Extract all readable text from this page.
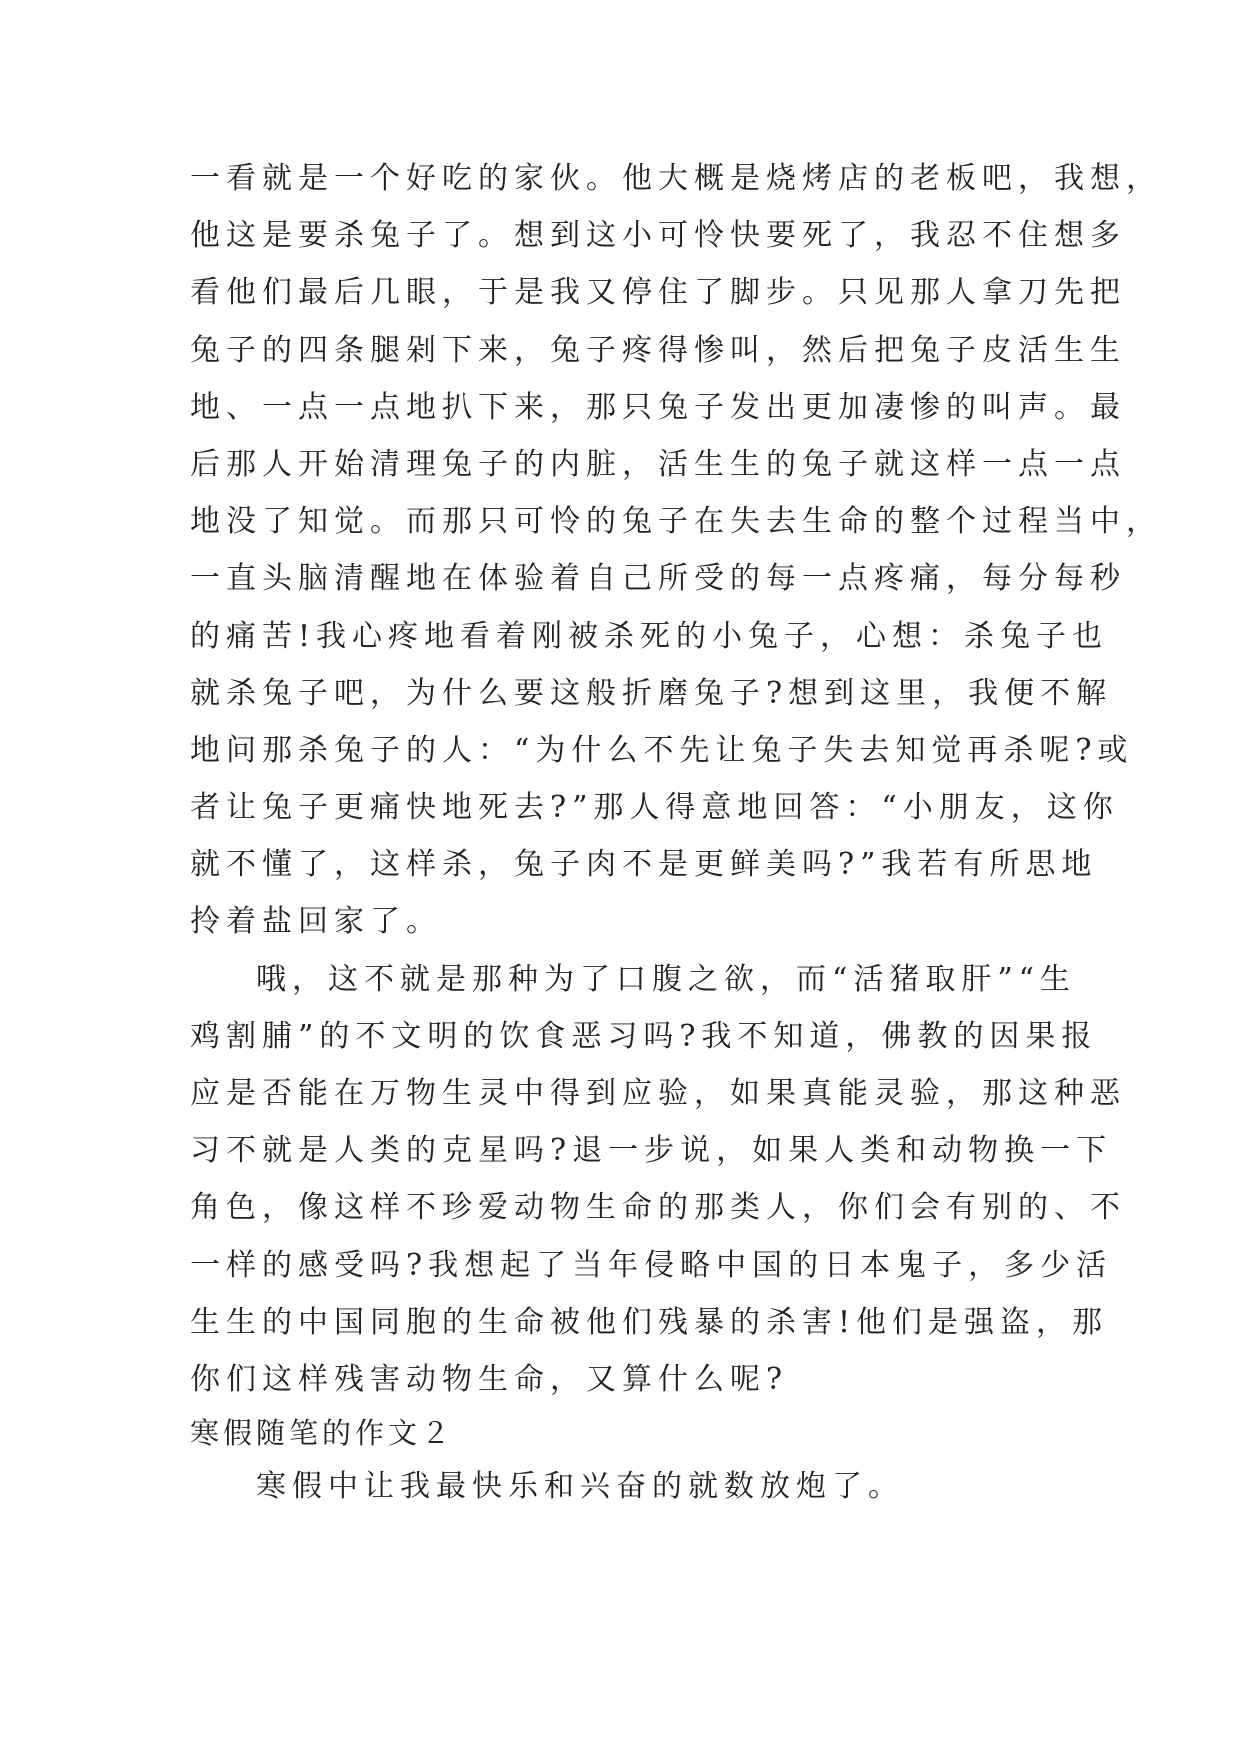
一看就是一个好吃的家伙。他大概是烧烤店的老板吧，我想，
他这是要杀兔子了。想到这小可怜快要死了，我忍不住想多
看他们最后几眼，于是我又停住了脚步。只见那人拿刀先把
兔子的四条腿剁下来，兔子疼得惨叫，然后把兔子皮活生生
地、一点一点地扒下来，那只兔子发出更加凄惨的叫声。最
后那人开始清理兔子的内脏，活生生的兔子就这样一点一点
地没了知觉。而那只可怜的兔子在失去生命的整个过程当中，
一直头脑清醒地在体验着自己所受的每一点疼痛，每分每秒
的痛苦!我心疼地看着刚被杀死的小兔子，心想：杀兔子也
就杀兔子吧，为什么要这般折磨兔子?想到这里，我便不解
地问那杀兔子的人：“为什么不先让兔子失去知觉再杀呢?或
者让兔子更痛快地死去?”那人得意地回答：“小朋友，这你
就不懂了，这样杀，兔子肉不是更鲜美吗?”我若有所思地
拎着盐回家了。
哦，这不就是那种为了口腹之欲，而“活猪取肝”“生
鸡割脯”的不文明的饮食恶习吗?我不知道，佛教的因果报
应是否能在万物生灵中得到应验，如果真能灵验，那这种恶
习不就是人类的克星吗?退一步说，如果人类和动物换一下
角色，像这样不珍爱动物生命的那类人，你们会有别的、不
一样的感受吗?我想起了当年侵略中国的日本鬼子，多少活
生生的中国同胞的生命被他们残暴的杀害!他们是强盗，那
你们这样残害动物生命，又算什么呢?
寒假随笔的作文２
寒假中让我最快乐和兴奋的就数放炮了。
